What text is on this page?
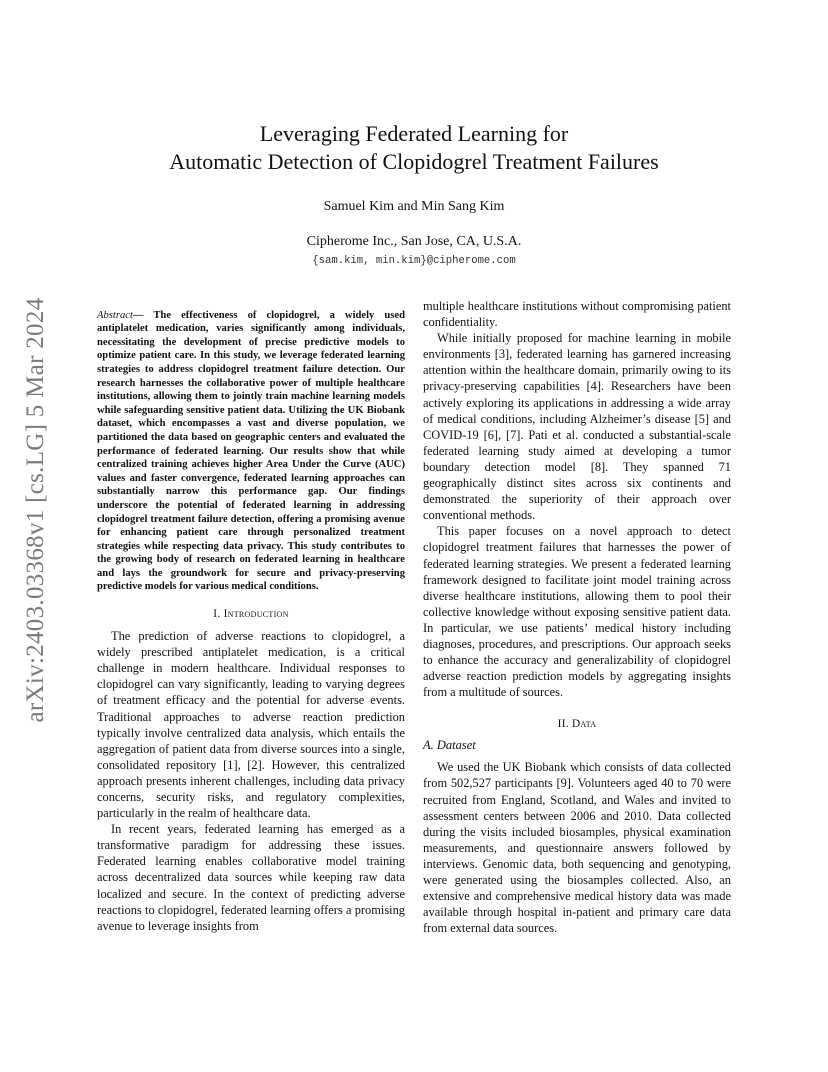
arXiv:2403.03368v1 [cs.LG] 5 Mar 2024
Leveraging Federated Learning for
Automatic Detection of Clopidogrel Treatment Failures
Samuel Kim and Min Sang Kim
Cipherome Inc., San Jose, CA, U.S.A.
{sam.kim, min.kim}@cipherome.com

Abstract— The effectiveness of clopidogrel, a widely used antiplatelet medication, varies significantly among individuals, necessitating the development of precise predictive models to optimize patient care. In this study, we leverage federated learning strategies to address clopidogrel treatment failure detection. Our research harnesses the collaborative power of multiple healthcare institutions, allowing them to jointly train machine learning models while safeguarding sensitive patient data. Utilizing the UK Biobank dataset, which encompasses a vast and diverse population, we partitioned the data based on geographic centers and evaluated the performance of federated learning. Our results show that while centralized training achieves higher Area Under the Curve (AUC) values and faster convergence, federated learning approaches can substantially narrow this performance gap. Our findings underscore the potential of federated learning in addressing clopidogrel treatment failure detection, offering a promising avenue for enhancing patient care through personalized treatment strategies while respecting data privacy. This study contributes to the growing body of research on federated learning in healthcare and lays the groundwork for secure and privacy-preserving predictive models for various medical conditions.

I. Introduction

The prediction of adverse reactions to clopidogrel, a widely prescribed antiplatelet medication, is a critical challenge in modern healthcare. Individual responses to clopidogrel can vary significantly, leading to varying degrees of treatment efficacy and the potential for adverse events. Traditional approaches to adverse reaction prediction typically involve centralized data analysis, which entails the aggregation of patient data from diverse sources into a single, consolidated repository [1], [2]. However, this centralized approach presents inherent challenges, including data privacy concerns, security risks, and regulatory complexities, particularly in the realm of healthcare data.

In recent years, federated learning has emerged as a transformative paradigm for addressing these issues. Federated learning enables collaborative model training across decentralized data sources while keeping raw data localized and secure. In the context of predicting adverse reactions to clopidogrel, federated learning offers a promising avenue to leverage insights from

multiple healthcare institutions without compromising patient confidentiality.

While initially proposed for machine learning in mobile environments [3], federated learning has garnered increasing attention within the healthcare domain, primarily owing to its privacy-preserving capabilities [4]. Researchers have been actively exploring its applications in addressing a wide array of medical conditions, including Alzheimer’s disease [5] and COVID-19 [6], [7]. Pati et al. conducted a substantial-scale federated learning study aimed at developing a tumor boundary detection model [8]. They spanned 71 geographically distinct sites across six continents and demonstrated the superiority of their approach over conventional methods.

This paper focuses on a novel approach to detect clopidogrel treatment failures that harnesses the power of federated learning strategies. We present a federated learning framework designed to facilitate joint model training across diverse healthcare institutions, allowing them to pool their collective knowledge without exposing sensitive patient data. In particular, we use patients’ medical history including diagnoses, procedures, and prescriptions. Our approach seeks to enhance the accuracy and generalizability of clopidogrel adverse reaction prediction models by aggregating insights from a multitude of sources.

II. Data
A. Dataset

We used the UK Biobank which consists of data collected from 502,527 participants [9]. Volunteers aged 40 to 70 were recruited from England, Scotland, and Wales and invited to assessment centers between 2006 and 2010. Data collected during the visits included biosamples, physical examination measurements, and questionnaire answers followed by interviews. Genomic data, both sequencing and genotyping, were generated using the biosamples collected. Also, an extensive and comprehensive medical history data was made available through hospital in-patient and primary care data from external data sources.
